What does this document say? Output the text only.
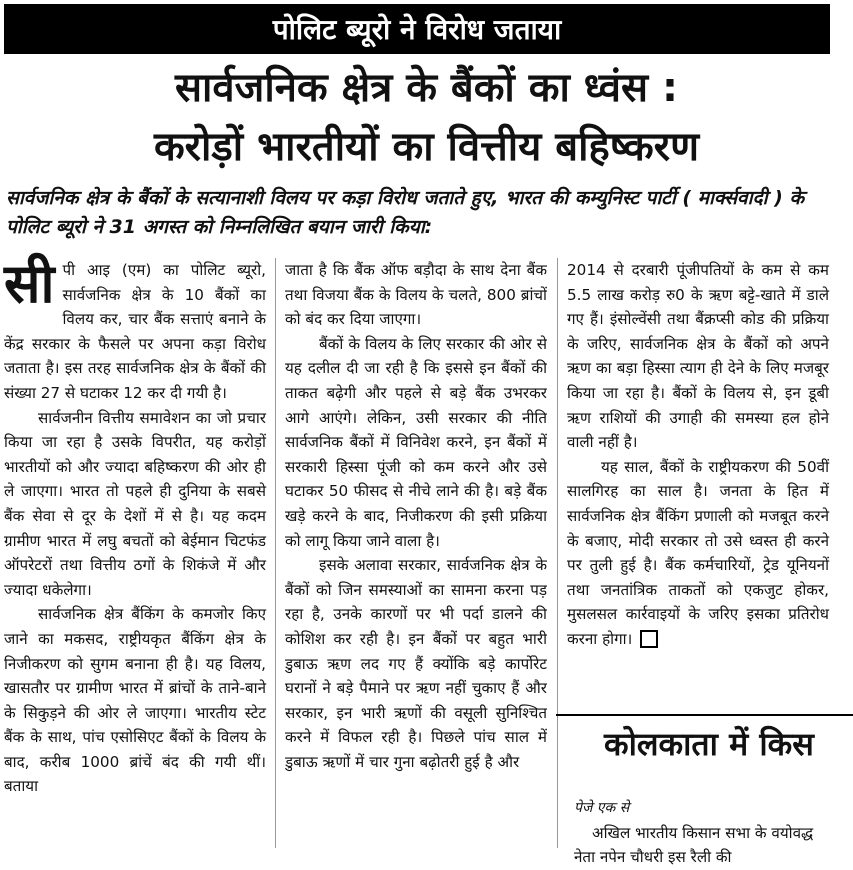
पोलिट ब्यूरो ने विरोध जताया
सार्वजनिक क्षेत्र के बैंकों का ध्वंस :
करोड़ों भारतीयों का वित्तीय बहिष्करण
सार्वजनिक क्षेत्र के बैंकों के सत्यानाशी विलय पर कड़ा विरोध जताते हुए, भारत की कम्युनिस्ट पार्टी ( मार्क्सवादी ) के पोलिट ब्यूरो ने 31 अगस्त को निम्नलिखित बयान जारी किया:

सीपी आइ (एम) का पोलिट ब्यूरो, सार्वजनिक क्षेत्र के 10 बैंकों का विलय कर, चार बैंक सत्ताएं बनाने के केंद्र सरकार के फैसले पर अपना कड़ा विरोध जताता है। इस तरह सार्वजनिक क्षेत्र के बैंकों की संख्या 27 से घटाकर 12 कर दी गयी है।

सार्वजनीन वित्तीय समावेशन का जो प्रचार किया जा रहा है उसके विपरीत, यह करोड़ों भारतीयों को और ज्यादा बहिष्करण की ओर ही ले जाएगा। भारत तो पहले ही दुनिया के सबसे बैंक सेवा से दूर के देशों में से है। यह कदम ग्रामीण भारत में लघु बचतों को बेईमान चिटफंड ऑपरेटरों तथा वित्तीय ठगों के शिकंजे में और ज्यादा धकेलेगा।

सार्वजनिक क्षेत्र बैंकिंग के कमजोर किए जाने का मकसद, राष्ट्रीयकृत बैंकिंग क्षेत्र के निजीकरण को सुगम बनाना ही है। यह विलय, खासतौर पर ग्रामीण भारत में ब्रांचों के ताने-बाने के सिकुड़ने की ओर ले जाएगा। भारतीय स्टेट बैंक के साथ, पांच एसोसिएट बैंकों के विलय के बाद, करीब 1000 ब्रांचें बंद की गयी थीं। बताया

जाता है कि बैंक ऑफ बड़ौदा के साथ देना बैंक तथा विजया बैंक के विलय के चलते, 800 ब्रांचों को बंद कर दिया जाएगा।

बैंकों के विलय के लिए सरकार की ओर से यह दलील दी जा रही है कि इससे इन बैंकों की ताकत बढ़ेगी और पहले से बड़े बैंक उभरकर आगे आएंगे। लेकिन, उसी सरकार की नीति सार्वजनिक बैंकों में विनिवेश करने, इन बैंकों में सरकारी हिस्सा पूंजी को कम करने और उसे घटाकर 50 फीसद से नीचे लाने की है। बड़े बैंक खड़े करने के बाद, निजीकरण की इसी प्रक्रिया को लागू किया जाने वाला है।

इसके अलावा सरकार, सार्वजनिक क्षेत्र के बैंकों को जिन समस्याओं का सामना करना पड़ रहा है, उनके कारणों पर भी पर्दा डालने की कोशिश कर रही है। इन बैंकों पर बहुत भारी डुबाऊ ऋण लद गए हैं क्योंकि बड़े कार्पोरेट घरानों ने बड़े पैमाने पर ऋण नहीं चुकाए हैं और सरकार, इन भारी ऋणों की वसूली सुनिश्चित करने में विफल रही है। पिछले पांच साल में डुबाऊ ऋणों में चार गुना बढ़ोतरी हुई है और

2014 से दरबारी पूंजीपतियों के कम से कम 5.5 लाख करोड़ रु0 के ऋण बट्टे-खाते में डाले गए हैं। इंसोल्वेंसी तथा बैंक्रप्सी कोड की प्रक्रिया के जरिए, सार्वजनिक क्षेत्र के बैंकों को अपने ऋण का बड़ा हिस्सा त्याग ही देने के लिए मजबूर किया जा रहा है। बैंकों के विलय से, इन डूबी ऋण राशियों की उगाही की समस्या हल होने वाली नहीं है।

यह साल, बैंकों के राष्ट्रीयकरण की 50वीं सालगिरह का साल है। जनता के हित में सार्वजनिक क्षेत्र बैंकिंग प्रणाली को मजबूत करने के बजाए, मोदी सरकार तो उसे ध्वस्त ही करने पर तुली हुई है। बैंक कर्मचारियों, ट्रेड यूनियनों तथा जनतांत्रिक ताकतों को एकजुट होकर, मुसलसल कार्रवाइयों के जरिए इसका प्रतिरोध करना होगा।

कोलकाता में किस
पेजे एक से

अखिल भारतीय किसान सभा के वयोवद्ध नेता नपेन चौधरी इस रैली की
